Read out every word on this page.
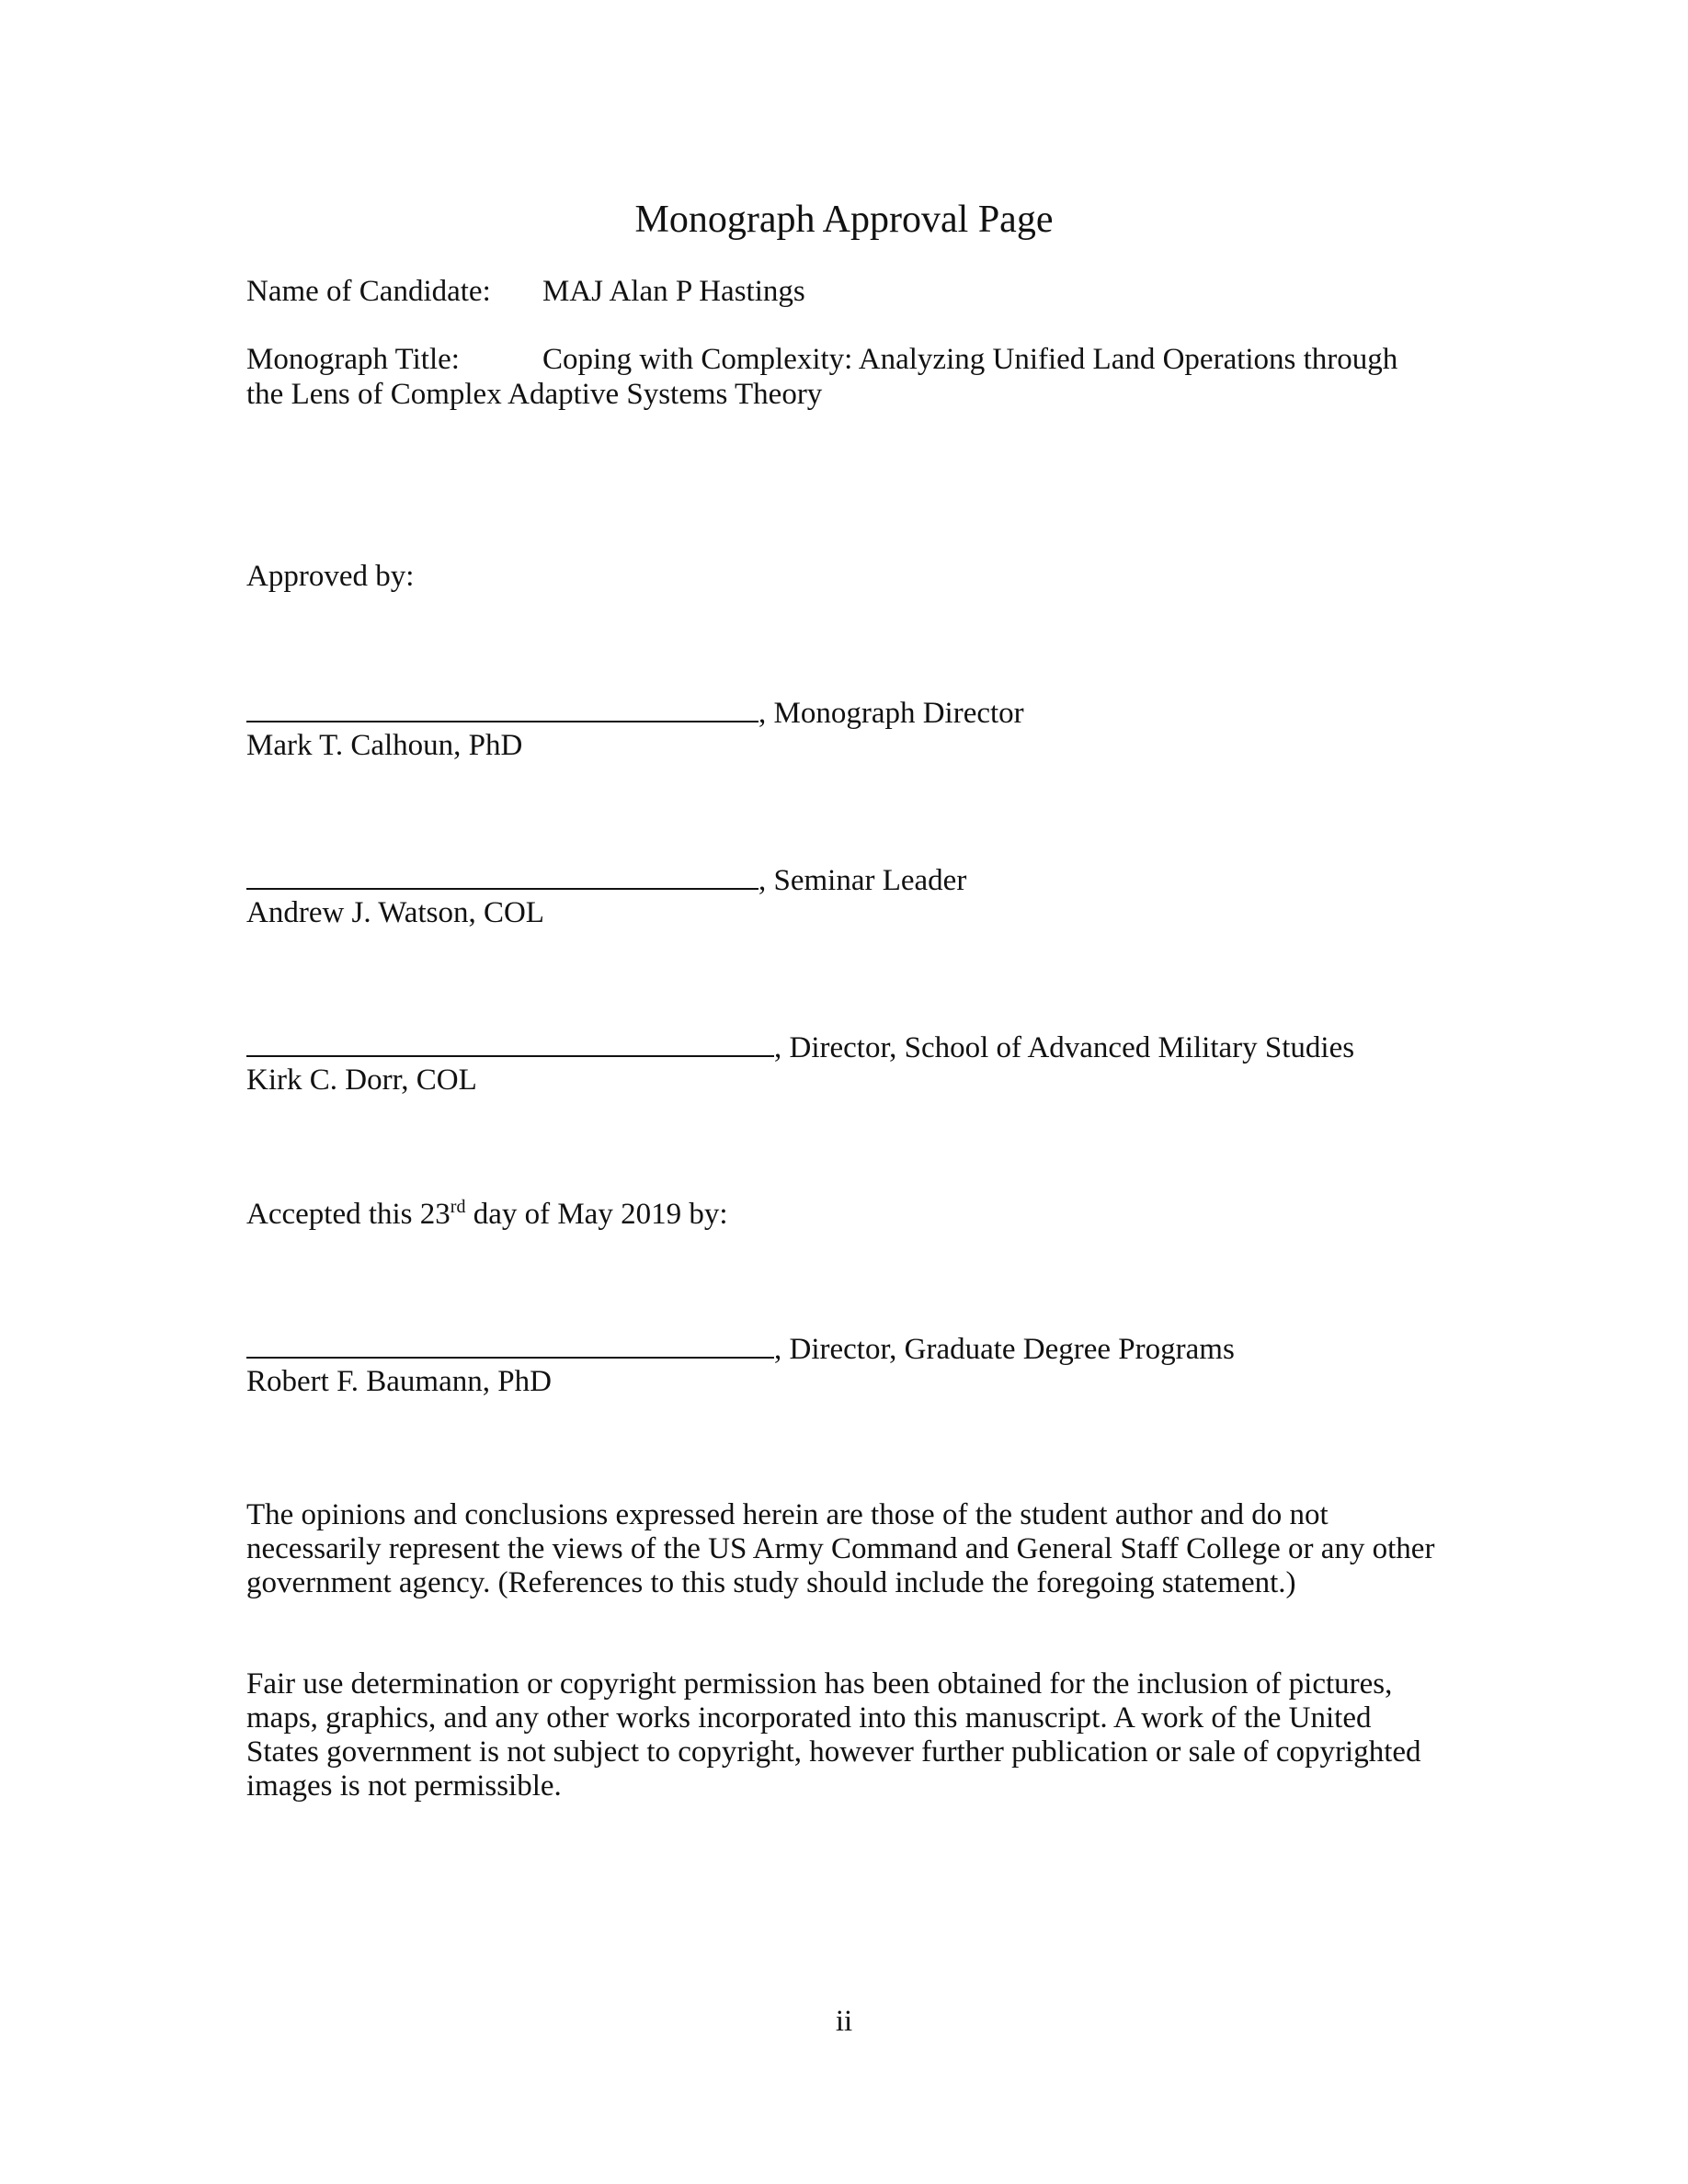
Monograph Approval Page
Name of Candidate: MAJ Alan P Hastings
Monograph Title:	Coping with Complexity: Analyzing Unified Land Operations through
the Lens of Complex Adaptive Systems Theory
Approved by:
, Monograph Director
Mark T. Calhoun, PhD
, Seminar Leader
Andrew J. Watson, COL
, Director, School of Advanced Military Studies
Kirk C. Dorr, COL
Accepted this 23rd day of May 2019 by:
, Director, Graduate Degree Programs
Robert F. Baumann, PhD
The opinions and conclusions expressed herein are those of the student author and do not
necessarily represent the views of the US Army Command and General Staff College or any other
government agency. (References to this study should include the foregoing statement.)
Fair use determination or copyright permission has been obtained for the inclusion of pictures,
maps, graphics, and any other works incorporated into this manuscript. A work of the United
States government is not subject to copyright, however further publication or sale of copyrighted
images is not permissible.
ii
